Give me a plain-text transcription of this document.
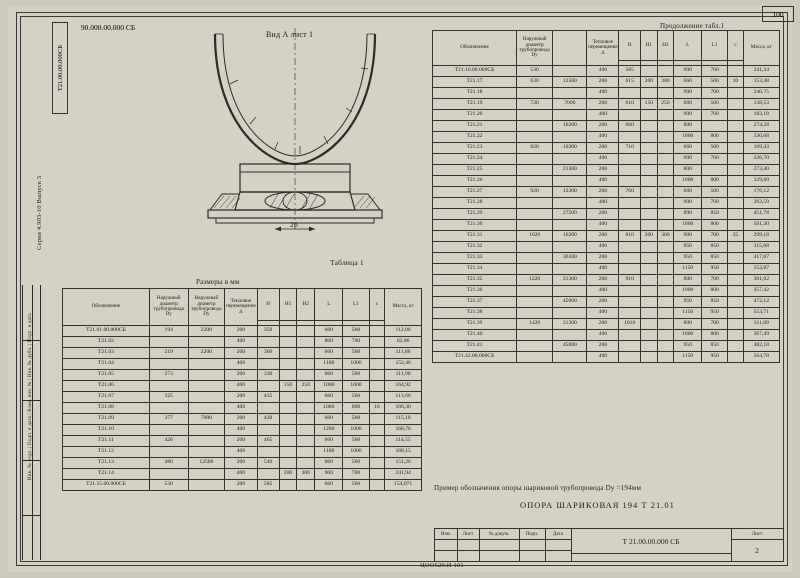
100
Продолжение табл.1
Т21.00.00.000СБ
90.000.00.000 СБ
Серия 4.903-10 Выпуск 5
Инв. № подл. | Подп. и дата | Взам. инв. № | Инв. № дубл. | Подп. и дата
Вид А лист 1
20
Таблица 1
Размеры в мм
Обозначение	Наружный диаметр трубопровода Dу	Наружный диаметр трубопровода Dу	Тепловое перемещение Δ	Н	Н1	Н2	L	L1	c	Масса, кг

Т21.01.00.000СБ	194	2200	200	350			660	560		112,06
Т21.02			400				800	700		62,86
Т21.03	219	2200	200	360			660	560		111,86
Т21.04			400				1100	1000		152,46
Т21.05	273		200	330			660	560		111,90
Т21.06			400		150	250	1000	1000		164,92
Т21.07	325		200	415			660	560		113,60
Т21.08			400				1000	800	10	166,30
Т21.09	377	7000	200	430			660	560		115,18
Т21.10			400				1200	1000		168,76
Т21.11	426		200	465			660	560		114,55
Т21.12			400				1100	1000		168,15
Т21.13	480	12500	200	540			660	560		151,26
Т21.14			400		200	300	900	700		241,94
Т21.15.00.000СБ	530		200	585			660	560		154,071
Обозначение	Наружный диаметр трубопровода Dу		Тепловое перемещение Δ	Н	Н1	Н2	L	L1	c	Масса, кг

Т21.16.00.000СБ	530		400	585			900	700		241,34
Т21.17	630	12500	200	615	200	300	660	560	10	153,48
Т21.18			400				900	700		240,75
Т21.19	720	7000	200	610	150	250	660	560		138,53
Т21.20			400				900	700		183,18
Т21.21		16200	200	660			800			274,28
Т21.22			400				1000	800		330,68
Т21.23	820	10300	200	710			660	560		169,43
Т21.24			400				900	700		236,70
Т21.25		21300	200				800			273,40
Т21.26			400				1000	800		329,60
Т21.27	920	12300	200	760			660	560		176,12
Т21.28			400				900	700		263,59
Т21.29		27500	200				890	850		451,78
Т21.30			400				1000	800		501,30
Т21.31	1020	16200	200	810	200	300	900	700	25	299,18
Т21.32			400				950	850		315,68
Т21.33		36100	200				950	850		417,07
Т21.34			400				1150	950		552,87
Т21.35	1220	21300	200	910			800	700		301,02
Т21.36			400				1000	800		357,42
Т21.37		45000	200				950	850		472,12
Т21.38			400				1150	950		553,71
Т21.39	1420	21300	200	1010			800	700		311,09
Т21.40			400				1000	800		367,49
Т21.41		45000	200				950	850		482,18
Т21.42.00.000СБ			400				1150	950		564,78
Пример обозначения опоры шариковой трубопровода Dу =194мм
ОПОРА ШАРИКОВАЯ 194 Т 21.01
Изм. Лист	№ докум.	Подп.	Дата
Т 21.00.00.000 СБ
Лист
2
ЦОО529.И 101
